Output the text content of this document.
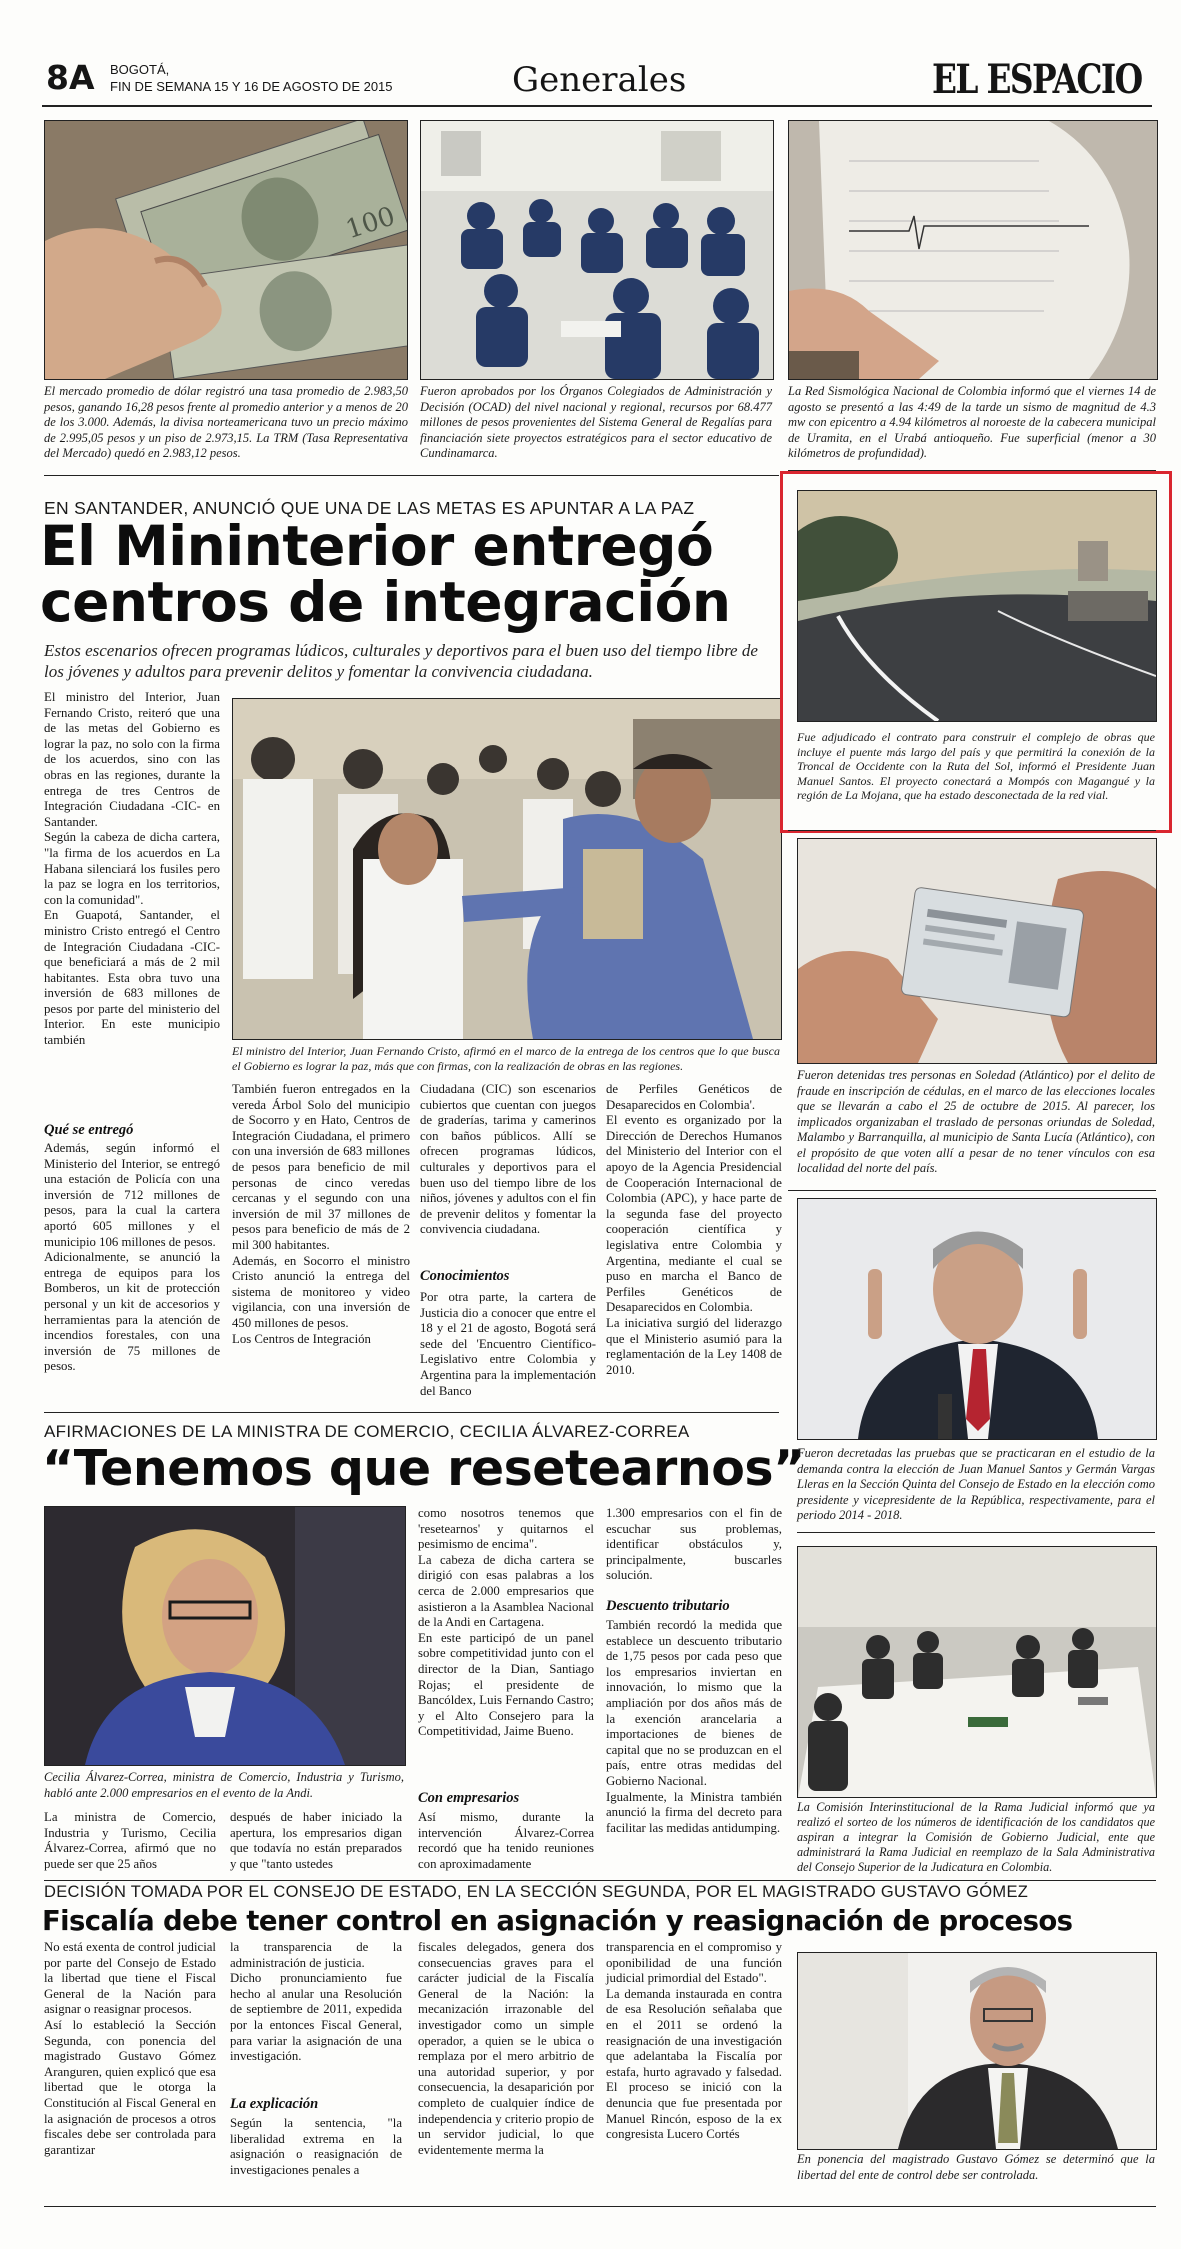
8A BOGOTÁ,
FIN DE SEMANA 15 Y 16 DE AGOSTO DE 2015	Generales	EL ESPACIO
100
El mercado promedio de dólar registró una tasa promedio de 2.983,50 pesos, ganando 16,28 pesos frente al promedio anterior y a menos de 20 de los 3.000. Además, la divisa norteamericana tuvo un precio máximo de 2.995,05 pesos y un piso de 2.973,15. La TRM (Tasa Representativa del Mercado) quedó en 2.983,12 pesos.
Fueron aprobados por los Órganos Colegiados de Administración y Decisión (OCAD) del nivel nacional y regional, recursos por 68.477 millones de pesos provenientes del Sistema General de Regalías para financiación siete proyectos estratégicos para el sector educativo de Cundinamarca.
La Red Sismológica Nacional de Colombia informó que el viernes 14 de agosto se presentó a las 4:49 de la tarde un sismo de magnitud de 4.3 mw con epicentro a 4.94 kilómetros al noroeste de la cabecera municipal de Uramita, en el Urabá antioqueño. Fue superficial (menor a 30 kilómetros de profundidad).
EN SANTANDER, ANUNCIÓ QUE UNA DE LAS METAS ES APUNTAR A LA PAZ
El Mininterior entregó
centros de integración
Estos escenarios ofrecen programas lúdicos, culturales y deportivos para el buen uso del tiempo libre de los jóvenes y adultos para prevenir delitos y fomentar la convivencia ciudadana.
El ministro del Interior, Juan Fernando Cristo, reiteró que una de las metas del Gobierno es lograr la paz, no solo con la firma de los acuerdos, sino con las obras en las regiones, durante la entrega de tres Centros de Integración Ciudadana -CIC- en Santander.
Según la cabeza de dicha cartera, "la firma de los acuerdos en La Habana silenciará los fusiles pero la paz se logra en los territorios, con la comunidad".
En Guapotá, Santander, el ministro Cristo entregó el Centro de Integración Ciudadana -CIC- que beneficiará a más de 2 mil habitantes. Esta obra tuvo una inversión de 683 millones de pesos por parte del ministerio del Interior. En este municipio también
Qué se entregó
Además, según informó el Ministerio del Interior, se entregó una estación de Policía con una inversión de 712 millones de pesos, para la cual la cartera aportó 605 millones y el municipio 106 millones de pesos.
Adicionalmente, se anunció la entrega de equipos para los Bomberos, un kit de protección personal y un kit de accesorios y herramientas para la atención de incendios forestales, con una inversión de 75 millones de pesos.
El ministro del Interior, Juan Fernando Cristo, afirmó en el marco de la entrega de los centros que lo que busca el Gobierno es lograr la paz, más que con firmas, con la realización de obras en las regiones.
También fueron entregados en la vereda Árbol Solo del municipio de Socorro y en Hato, Centros de Integración Ciudadana, el primero con una inversión de 683 millones de pesos para beneficio de mil personas de cinco veredas cercanas y el segundo con una inversión de mil 37 millones de pesos para beneficio de más de 2 mil 300 habitantes.
Además, en Socorro el ministro Cristo anunció la entrega del sistema de monitoreo y video vigilancia, con una inversión de 450 millones de pesos.
Los Centros de Integración
Ciudadana (CIC) son escenarios cubiertos que cuentan con juegos de graderías, tarima y camerinos con baños públicos. Allí se ofrecen programas lúdicos, culturales y deportivos para el buen uso del tiempo libre de los niños, jóvenes y adultos con el fin de prevenir delitos y fomentar la convivencia ciudadana.
Conocimientos
Por otra parte, la cartera de Justicia dio a conocer que entre el 18 y el 21 de agosto, Bogotá será sede del 'Encuentro Científico-Legislativo entre Colombia y Argentina para la implementación del Banco
de Perfiles Genéticos de Desaparecidos en Colombia'.
El evento es organizado por la Dirección de Derechos Humanos del Ministerio del Interior con el apoyo de la Agencia Presidencial de Cooperación Internacional de Colombia (APC), y hace parte de la segunda fase del proyecto cooperación científica y legislativa entre Colombia y Argentina, mediante el cual se puso en marcha el Banco de Perfiles Genéticos de Desaparecidos en Colombia.
La iniciativa surgió del liderazgo que el Ministerio asumió para la reglamentación de la Ley 1408 de 2010.
AFIRMACIONES DE LA MINISTRA DE COMERCIO, CECILIA ÁLVAREZ-CORREA
“Tenemos que resetearnos”
Cecilia Álvarez-Correa, ministra de Comercio, Industria y Turismo, habló ante 2.000 empresarios en el evento de la Andi.
La ministra de Comercio, Industria y Turismo, Cecilia Álvarez-Correa, afirmó que no puede ser que 25 años
después de haber iniciado la apertura, los empresarios digan que todavía no están preparados y que "tanto ustedes
como nosotros tenemos que 'resetearnos' y quitarnos el pesimismo de encima".
La cabeza de dicha cartera se dirigió con esas palabras a los cerca de 2.000 empresarios que asistieron a la Asamblea Nacional de la Andi en Cartagena.
En este participó de un panel sobre competitividad junto con el director de la Dian, Santiago Rojas; el presidente de Bancóldex, Luis Fernando Castro; y el Alto Consejero para la Competitividad, Jaime Bueno.
Con empresarios
Así mismo, durante la intervención Álvarez-Correa recordó que ha tenido reuniones con aproximadamente
1.300 empresarios con el fin de escuchar sus problemas, identificar obstáculos y, principalmente, buscarles solución.
Descuento tributario
También recordó la medida que establece un descuento tributario de 1,75 pesos por cada peso que los empresarios inviertan en innovación, lo mismo que la ampliación por dos años más de la exención arancelaria a importaciones de bienes de capital que no se produzcan en el país, entre otras medidas del Gobierno Nacional.
Igualmente, la Ministra también anunció la firma del decreto para facilitar las medidas antidumping.
Fue adjudicado el contrato para construir el complejo de obras que incluye el puente más largo del país y que permitirá la conexión de la Troncal de Occidente con la Ruta del Sol, informó el Presidente Juan Manuel Santos. El proyecto conectará a Mompós con Magangué y la región de La Mojana, que ha estado desconectada de la red vial.
Fueron detenidas tres personas en Soledad (Atlántico) por el delito de fraude en inscripción de cédulas, en el marco de las elecciones locales que se llevarán a cabo el 25 de octubre de 2015. Al parecer, los implicados organizaban el traslado de personas oriundas de Soledad, Malambo y Barranquilla, al municipio de Santa Lucía (Atlántico), con el propósito de que voten allí a pesar de no tener vínculos con esa localidad del norte del país.
Fueron decretadas las pruebas que se practicaran en el estudio de la demanda contra la elección de Juan Manuel Santos y Germán Vargas Lleras en la Sección Quinta del Consejo de Estado en la elección como presidente y vicepresidente de la República, respectivamente, para el periodo 2014 - 2018.
La Comisión Interinstitucional de la Rama Judicial informó que ya realizó el sorteo de los números de identificación de los candidatos que aspiran a integrar la Comisión de Gobierno Judicial, ente que administrará la Rama Judicial en reemplazo de la Sala Administrativa del Consejo Superior de la Judicatura en Colombia.
DECISIÓN TOMADA POR EL CONSEJO DE ESTADO, EN LA SECCIÓN SEGUNDA, POR EL MAGISTRADO GUSTAVO GÓMEZ
Fiscalía debe tener control en asignación y reasignación de procesos
No está exenta de control judicial por parte del Consejo de Estado la libertad que tiene el Fiscal General de la Nación para asignar o reasignar procesos.
Así lo estableció la Sección Segunda, con ponencia del magistrado Gustavo Gómez Aranguren, quien explicó que esa libertad que le otorga la Constitución al Fiscal General en la asignación de procesos a otros fiscales debe ser controlada para garantizar
la transparencia de la administración de justicia.
Dicho pronunciamiento fue hecho al anular una Resolución de septiembre de 2011, expedida por la entonces Fiscal General, para variar la asignación de una investigación.
La explicación
Según la sentencia, "la liberalidad extrema en la asignación o reasignación de investigaciones penales a
fiscales delegados, genera dos consecuencias graves para el carácter judicial de la Fiscalía General de la Nación: la mecanización irrazonable del investigador como un simple operador, a quien se le ubica o remplaza por el mero arbitrio de una autoridad superior, y por consecuencia, la desaparición por completo de cualquier índice de independencia y criterio propio de un servidor judicial, lo que evidentemente merma la
transparencia en el compromiso y oponibilidad de una función judicial primordial del Estado".
La demanda instaurada en contra de esa Resolución señalaba que en el 2011 se ordenó la reasignación de una investigación que adelantaba la Fiscalía por estafa, hurto agravado y falsedad. El proceso se inició con la denuncia que fue presentada por Manuel Rincón, esposo de la ex congresista Lucero Cortés
En ponencia del magistrado Gustavo Gómez se determinó que la libertad del ente de control debe ser controlada.
